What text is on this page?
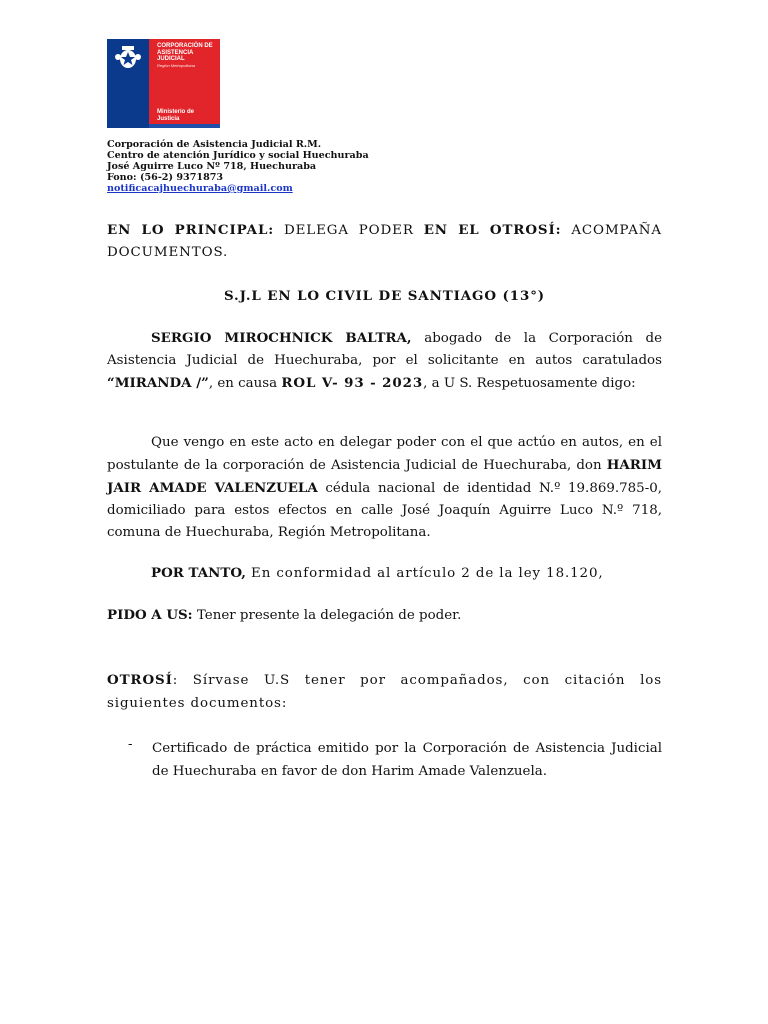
CORPORACIÓN DE
ASISTENCIA
JUDICIAL
Región Metropolitana
Ministerio de
Justicia
Corporación de Asistencia Judicial R.M.
Centro de atención Jurídico y social Huechuraba
José Aguirre Luco Nº 718, Huechuraba
Fono: (56-2) 9371873
notificacajhuechuraba@gmail.com
EN LO PRINCIPAL: DELEGA PODER EN EL OTROSÍ: ACOMPAÑA DOCUMENTOS.
S.J.L EN LO CIVIL DE SANTIAGO (13°)
SERGIO MIROCHNICK BALTRA, abogado de la Corporación de Asistencia Judicial de Huechuraba, por el solicitante en autos caratulados “MIRANDA /”, en causa ROL V- 93 - 2023, a U S. Respetuosamente digo:
Que vengo en este acto en delegar poder con el que actúo en autos, en el postulante de la corporación de Asistencia Judicial de Huechuraba, don HARIM JAIR AMADE VALENZUELA cédula nacional de identidad N.º 19.869.785-0, domiciliado para estos efectos en calle José Joaquín Aguirre Luco N.º 718, comuna de Huechuraba, Región Metropolitana.
POR TANTO, En conformidad al artículo 2 de la ley 18.120,
PIDO A US: Tener presente la delegación de poder.
OTROSÍ: Sírvase U.S tener por acompañados, con citación los siguientes documentos:
- Certificado de práctica emitido por la Corporación de Asistencia Judicial de Huechuraba en favor de don Harim Amade Valenzuela.
